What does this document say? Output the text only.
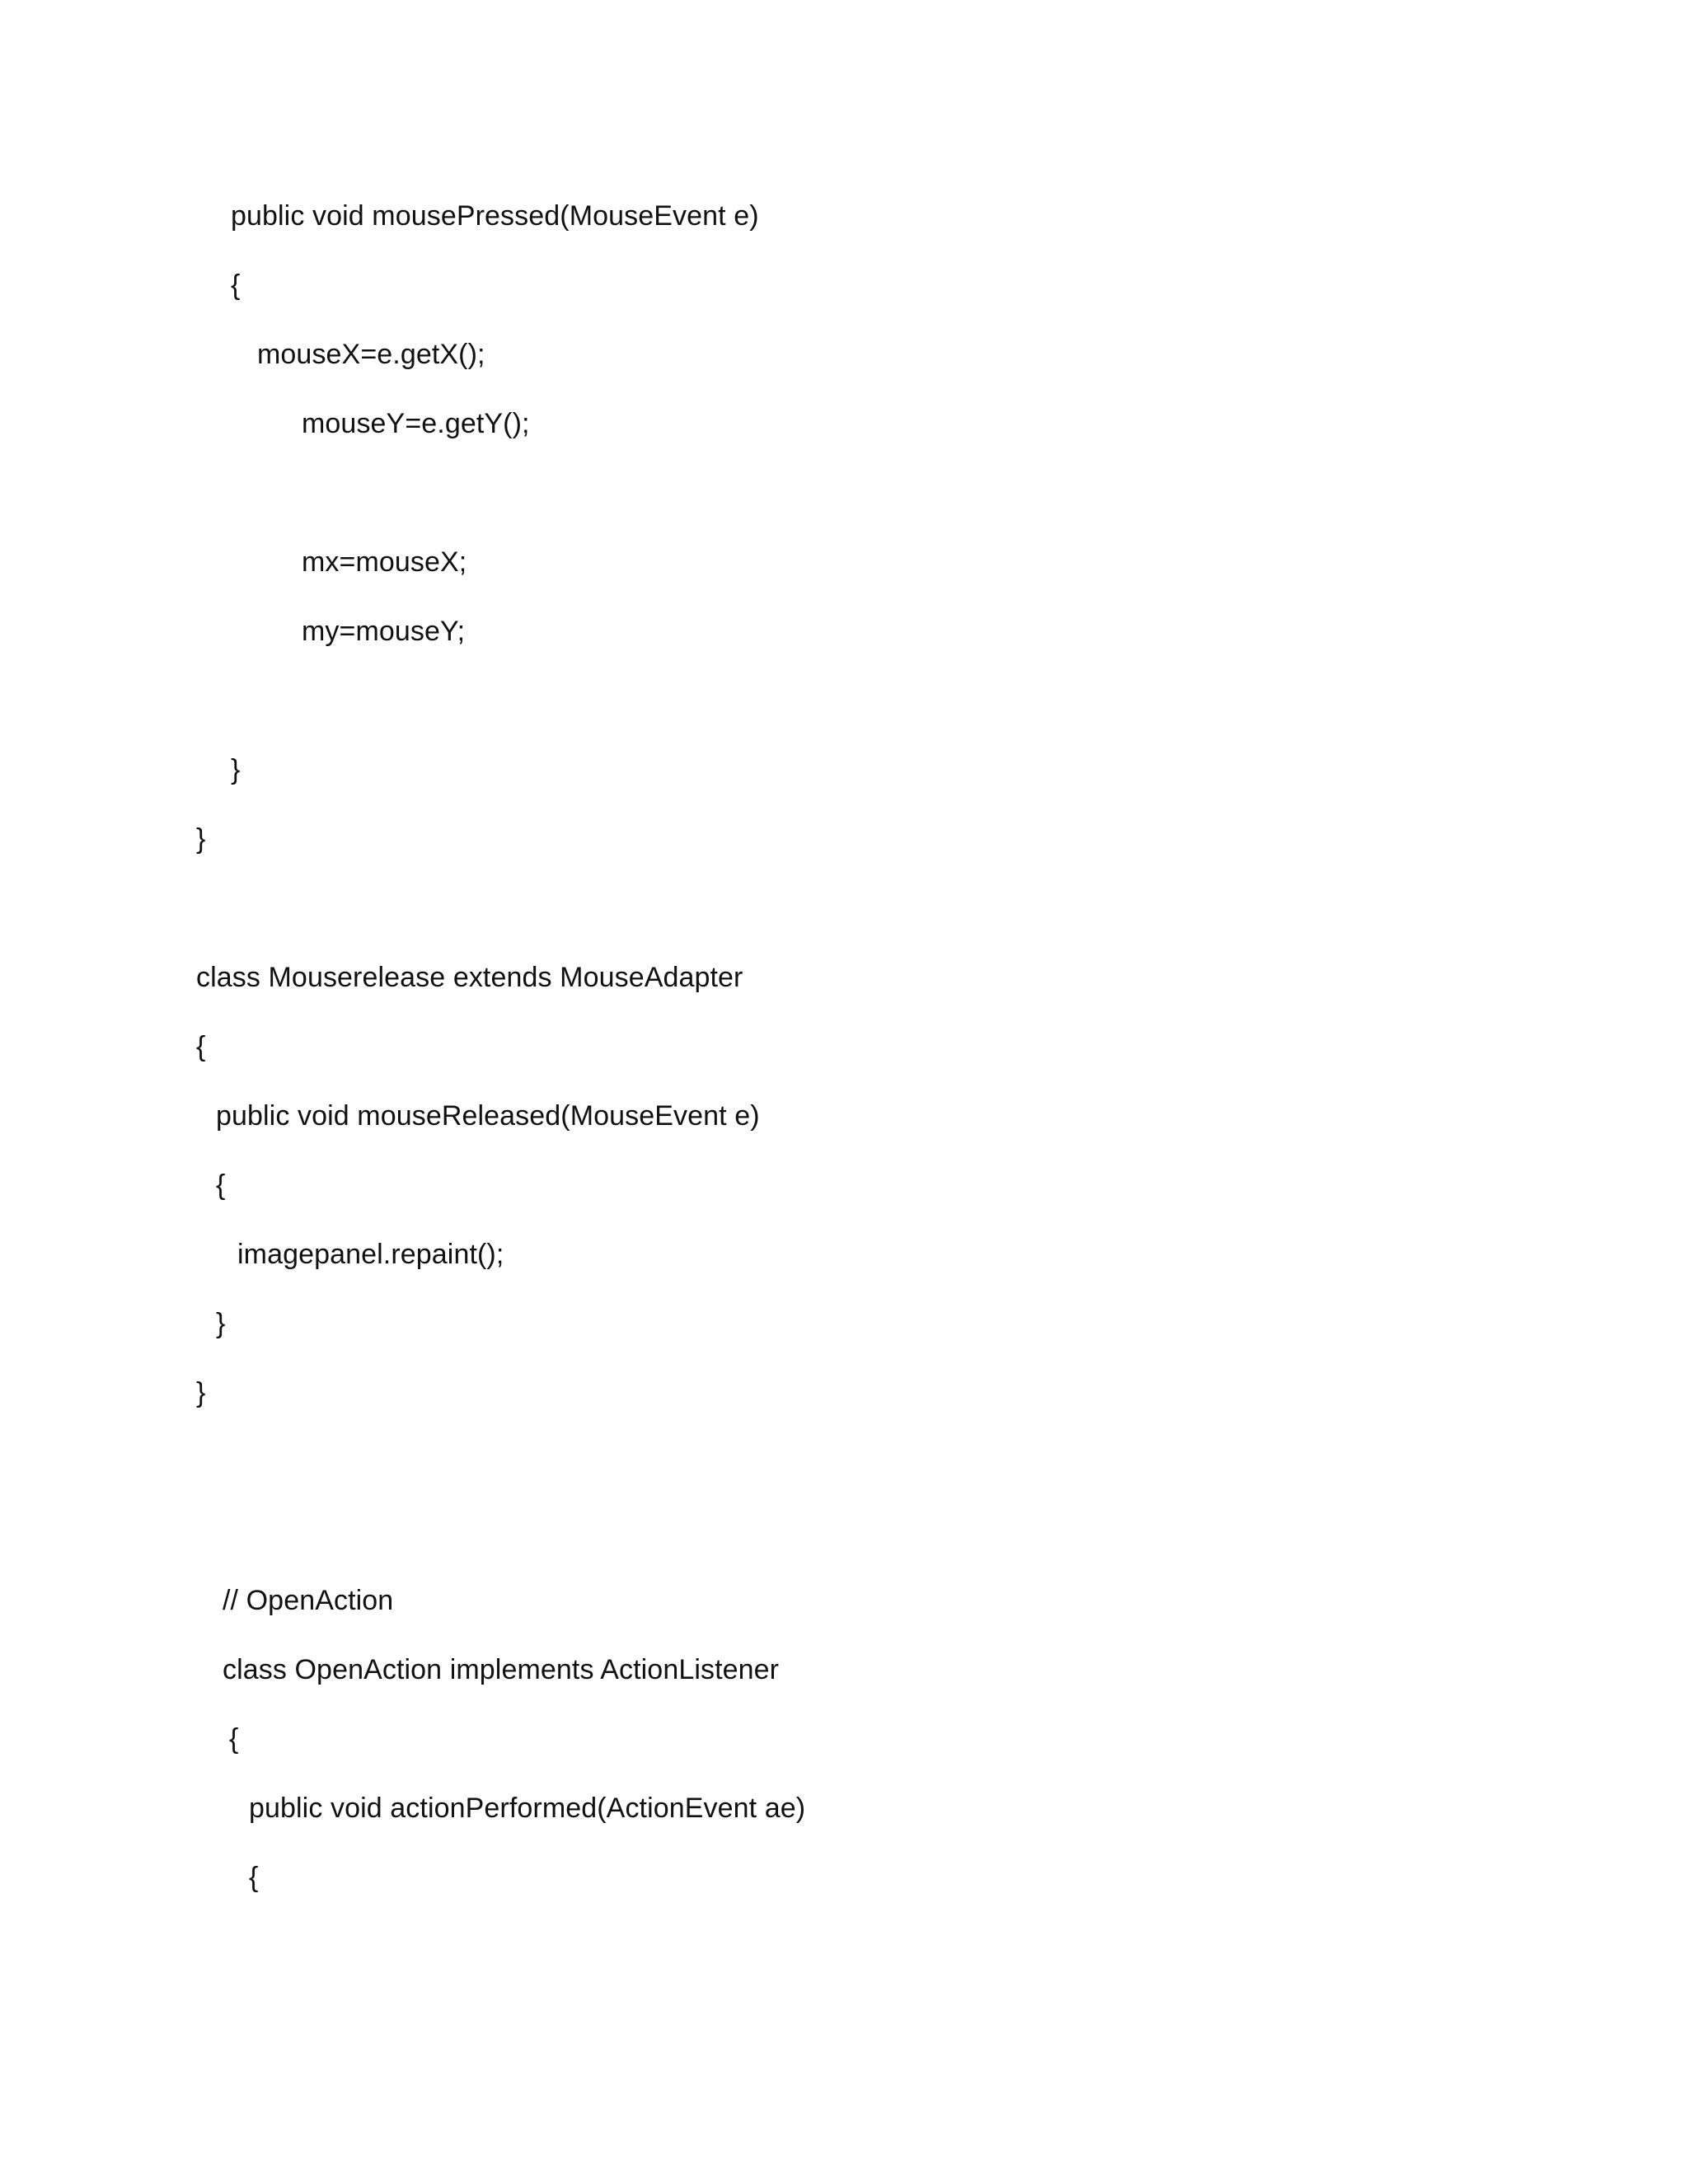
public void mousePressed(MouseEvent e)
{
mouseX=e.getX();
mouseY=e.getY();
mx=mouseX;
my=mouseY;
}
}
class Mouserelease extends MouseAdapter
{
public void mouseReleased(MouseEvent e)
{
imagepanel.repaint();
}
}
// OpenAction
class OpenAction implements ActionListener
{
public void actionPerformed(ActionEvent ae)
{
